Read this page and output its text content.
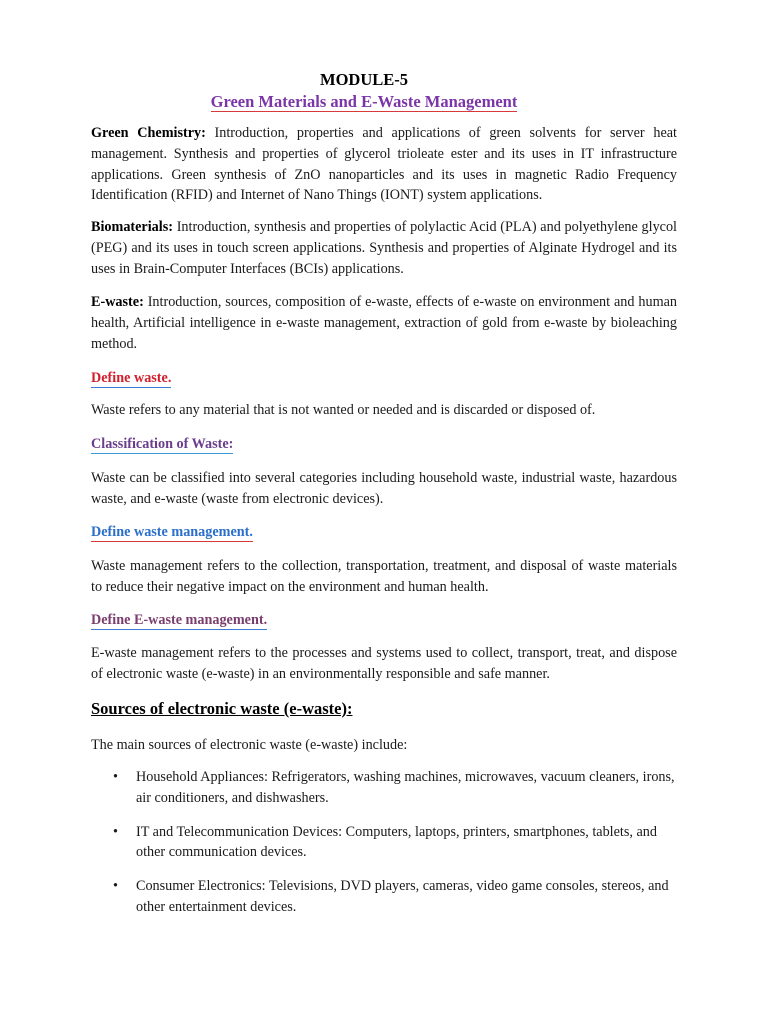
MODULE-5
Green Materials and E-Waste Management

Green Chemistry: Introduction, properties and applications of green solvents for server heat management. Synthesis and properties of glycerol trioleate ester and its uses in IT infrastructure applications. Green synthesis of ZnO nanoparticles and its uses in magnetic Radio Frequency Identification (RFID) and Internet of Nano Things (IONT) system applications.

Biomaterials: Introduction, synthesis and properties of polylactic Acid (PLA) and polyethylene glycol (PEG) and its uses in touch screen applications. Synthesis and properties of Alginate Hydrogel and its uses in Brain-Computer Interfaces (BCIs) applications.

E-waste: Introduction, sources, composition of e-waste, effects of e-waste on environment and human health, Artificial intelligence in e-waste management, extraction of gold from e-waste by bioleaching method.

Define waste.

Waste refers to any material that is not wanted or needed and is discarded or disposed of.

Classification of Waste:

Waste can be classified into several categories including household waste, industrial waste, hazardous waste, and e-waste (waste from electronic devices).

Define waste management.

Waste management refers to the collection, transportation, treatment, and disposal of waste materials to reduce their negative impact on the environment and human health.

Define E-waste management.

E-waste management refers to the processes and systems used to collect, transport, treat, and dispose of electronic waste (e-waste) in an environmentally responsible and safe manner.

Sources of electronic waste (e-waste):

The main sources of electronic waste (e-waste) include:

• Household Appliances: Refrigerators, washing machines, microwaves, vacuum cleaners, irons, air conditioners, and dishwashers.
• IT and Telecommunication Devices: Computers, laptops, printers, smartphones, tablets, and other communication devices.
• Consumer Electronics: Televisions, DVD players, cameras, video game consoles, stereos, and other entertainment devices.
